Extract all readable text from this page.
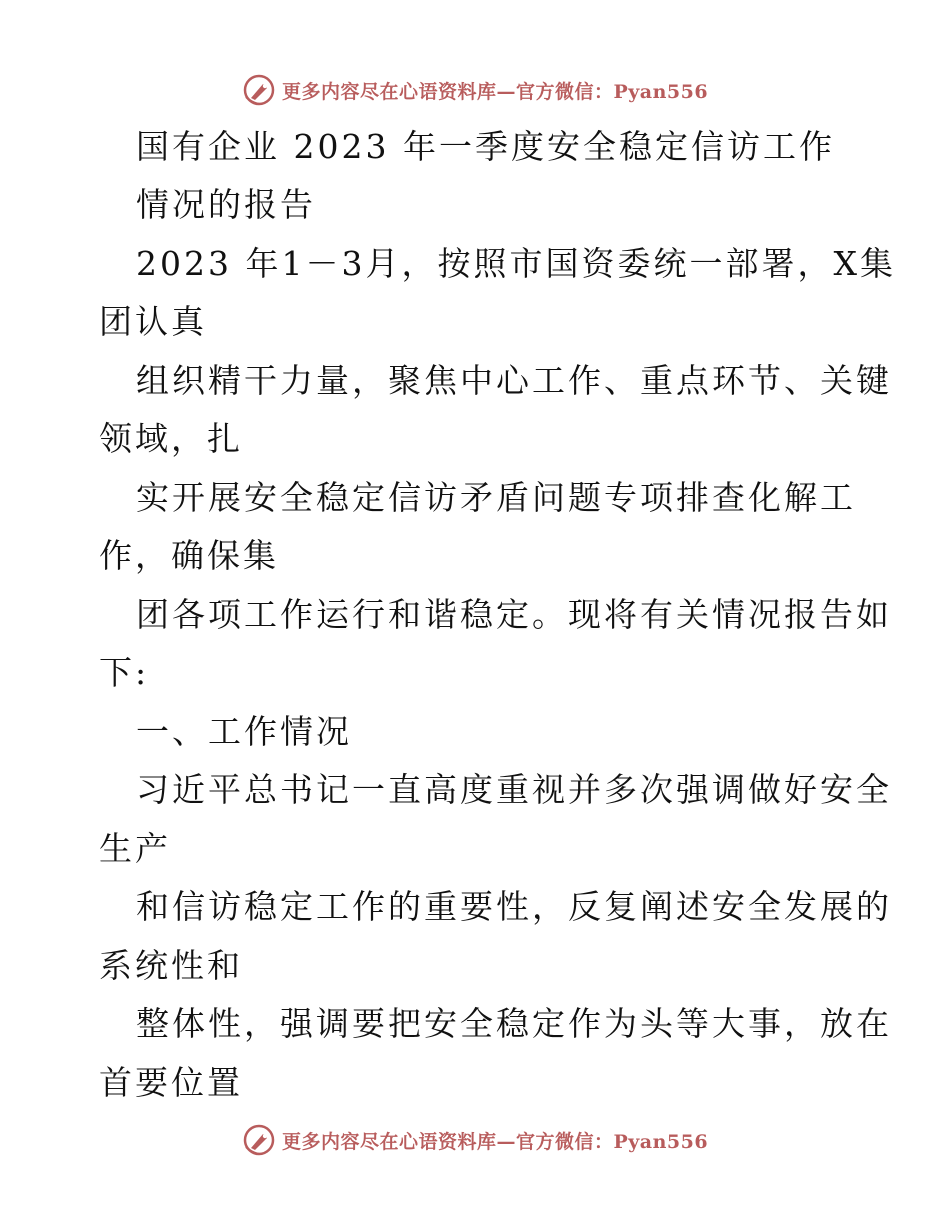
更多内容尽在心语资料库—官方微信：Pyan556
国有企业 2023 年一季度安全稳定信访工作
情况的报告
2023 年1－3月，按照市国资委统一部署，X集
团认真
组织精干力量，聚焦中心工作、重点环节、关键
领域，扎
实开展安全稳定信访矛盾问题专项排查化解工
作，确保集
团各项工作运行和谐稳定。现将有关情况报告如
下:
一、工作情况
习近平总书记一直高度重视并多次强调做好安全
生产
和信访稳定工作的重要性，反复阐述安全发展的
系统性和
整体性，强调要把安全稳定作为头等大事，放在
首要位置
更多内容尽在心语资料库—官方微信：Pyan556
